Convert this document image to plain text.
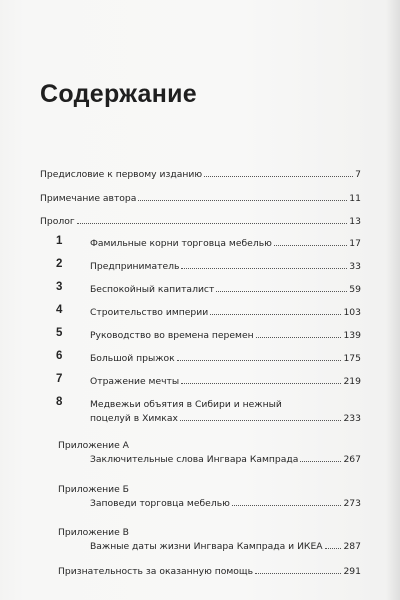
Содержание
Предисловие к первому изданию	7
Примечание автора	11
Пролог	13
1	Фамильные корни торговца мебелью	17
2	Предприниматель	33
3	Беспокойный капиталист	59
4	Строительство империи	103
5	Руководство во времена перемен	139
6	Большой прыжок	175
7	Отражение мечты	219
8	Медвежьи объятия в Сибири и нежный
поцелуй в Химках	233
Приложение А
Заключительные слова Ингвара Кампрада	267
Приложение Б
Заповеди торговца мебелью	273
Приложение В
Важные даты жизни Ингвара Кампрада и ИКЕА 287
Признательность за оказанную помощь	291
